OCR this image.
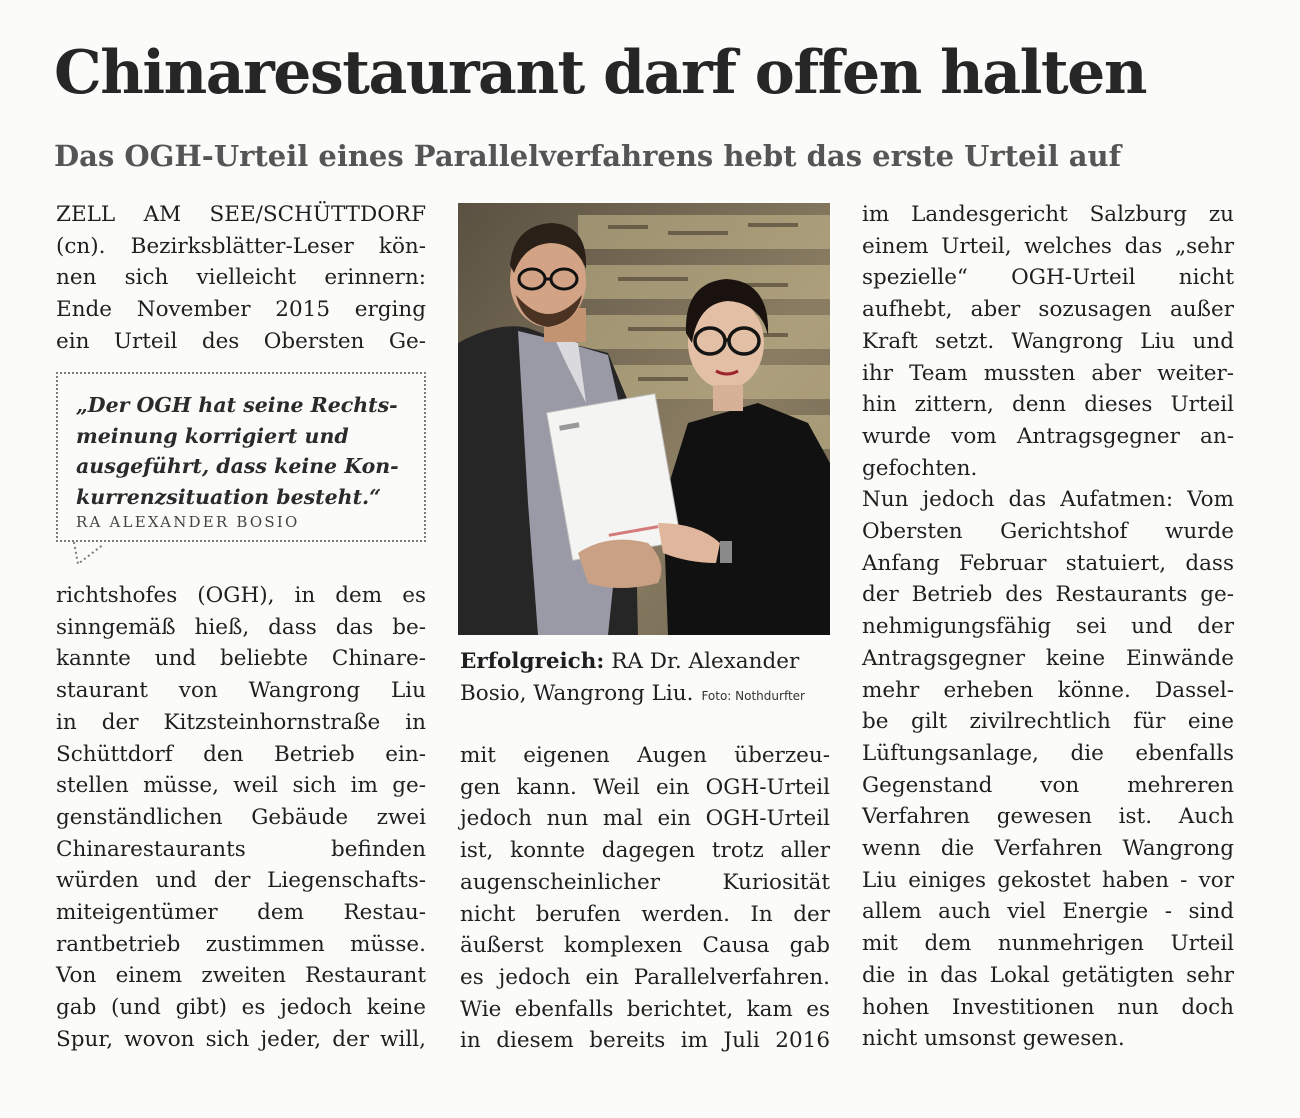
Chinarestaurant darf offen halten
Das OGH-Urteil eines Parallelverfahrens hebt das erste Urteil auf
ZELL AM SEE/SCHÜTTDORF
(cn). Bezirksblätter-Leser kön-
nen sich vielleicht erinnern:
Ende November 2015 erging
ein Urteil des Obersten Ge-
„Der OGH hat seine Rechts-
meinung korrigiert und
ausgeführt, dass keine Kon-
kurrenzsituation besteht.“
RA ALEXANDER BOSIO
richtshofes (OGH), in dem es
sinngemäß hieß, dass das be-
kannte und beliebte Chinare-
staurant von Wangrong Liu
in der Kitzsteinhornstraße in
Schüttdorf den Betrieb ein-
stellen müsse, weil sich im ge-
genständlichen Gebäude zwei
Chinarestaurants befinden
würden und der Liegenschafts-
miteigentümer dem Restau-
rantbetrieb zustimmen müsse.
Von einem zweiten Restaurant
gab (und gibt) es jedoch keine
Spur, wovon sich jeder, der will,
Erfolgreich: RA Dr. Alexander
Bosio, Wangrong Liu. Foto: Nothdurfter
mit eigenen Augen überzeu-
gen kann. Weil ein OGH-Urteil
jedoch nun mal ein OGH-Urteil
ist, konnte dagegen trotz aller
augenscheinlicher Kuriosität
nicht berufen werden. In der
äußerst komplexen Causa gab
es jedoch ein Parallelverfahren.
Wie ebenfalls berichtet, kam es
in diesem bereits im Juli 2016
im Landesgericht Salzburg zu
einem Urteil, welches das „sehr
spezielle“ OGH-Urteil nicht
aufhebt, aber sozusagen außer
Kraft setzt. Wangrong Liu und
ihr Team mussten aber weiter-
hin zittern, denn dieses Urteil
wurde vom Antragsgegner an-
gefochten.
Nun jedoch das Aufatmen: Vom
Obersten Gerichtshof wurde
Anfang Februar statuiert, dass
der Betrieb des Restaurants ge-
nehmigungsfähig sei und der
Antragsgegner keine Einwände
mehr erheben könne. Dassel-
be gilt zivilrechtlich für eine
Lüftungsanlage, die ebenfalls
Gegenstand von mehreren
Verfahren gewesen ist. Auch
wenn die Verfahren Wangrong
Liu einiges gekostet haben - vor
allem auch viel Energie - sind
mit dem nunmehrigen Urteil
die in das Lokal getätigten sehr
hohen Investitionen nun doch
nicht umsonst gewesen.
